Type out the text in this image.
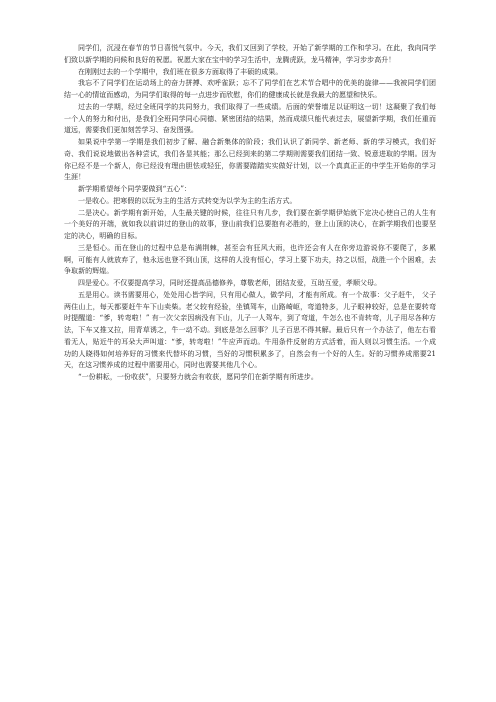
同学们，沉浸在春节的节日喜悦气氛中。今天，我们又回到了学校，开始了新学期的工作和学习。在此，我向同学们致以新学期的问候和良好的祝愿。祝愿大家在宝中的学习生活中，龙腾虎跃，龙马精神，学习步步高升！

在刚刚过去的一个学期中，我们班在很多方面取得了丰硕的成果。

我忘不了同学们在运动场上的奋力拼搏、欢呼雀跃；忘不了同学们在艺术节合唱中的优美的旋律——我被同学们团结一心的情谊而感动，为同学们取得的每一点进步而欣慰，你们的健康成长就是我最大的愿望和快乐。

过去的一学期，经过全班同学的共同努力，我们取得了一些成绩。后面的荣誉墙足以证明这一切！这凝聚了我们每一个人的努力和付出，是我们全班同学同心同德、紧密团结的结果，然而成绩只能代表过去，展望新学期，我们任重而道远，需要我们更加刻苦学习、奋发图强。

如果说中学第一学期是我们初步了解、融合新集体的阶段；我们认识了新同学、新老师、新的学习模式，我们好奇、我们说说地做出各种尝试，我们各显其能；那么已经到来的第二学期则需要我们团结一致、锐意进取的学期。因为你已经不是一个新人，你已经没有理由胆怯或轻狂，你需要踏踏实实做好计划，以一个真真正正的中学生开始你的学习生涯！

新学期希望每个同学要做到“五心”：

一是收心。把寒假的以玩为主的生活方式转变为以学为主的生活方式。

二是决心。新学期有新开始，人生最关键的时候，往往只有几步，我们要在新学期伊始就下定决心使自己的人生有一个美好的开端，就如我以前讲过的登山的故事，登山前我们总要抱有必胜的，登上山顶的决心，在新学期我们也要坚定的决心，明确的目标。

三是恒心。而在登山的过程中总是布满荆棘，甚至会有狂风大雨，也许还会有人在你旁边游说你不要爬了，多累啊，可能有人就放弃了，他永远也登不到山顶，这样的人没有恒心，学习上要下功夫，持之以恒，战胜一个个困难，去争取新的辉煌。

四是爱心。不仅要提高学习，同时还提高品德修养，尊敬老师，团结友爱，互助互爱，孝顺父母。

五是用心。读书需要用心，处处用心皆学问，只有用心做人，做学问，才能有所成。有一个故事：父子赶牛， 父子两住山上，每天都要赶牛车下山卖柴。老父较有经验，坐镇驾车，山路崎岖，弯道特多，儿子眼神较好，总是在要转弯时提醒道：“爹，转弯啦！” 有一次父亲因病没有下山，儿子一人驾车，到了弯道，牛怎么也不肯转弯，儿子用尽各种方法，下车又推又拉，用青草诱之，牛一动不动。到底是怎么回事？儿子百思不得其解。最后只有一个办法了，他左右看看无人，贴近牛的耳朵大声叫道：“爹，转弯啦！”牛应声而动。牛用条件反射的方式活着，而人则以习惯生活。一个成功的人晓得如何培养好的习惯来代替坏的习惯，当好的习惯积累多了，自然会有一个好的人生。好的习惯养成需要21天，在这习惯养成的过程中需要用心，同时也需要其他几个心。

“一份耕耘，一份收获”，只要努力就会有收获，愿同学们在新学期有所进步。
